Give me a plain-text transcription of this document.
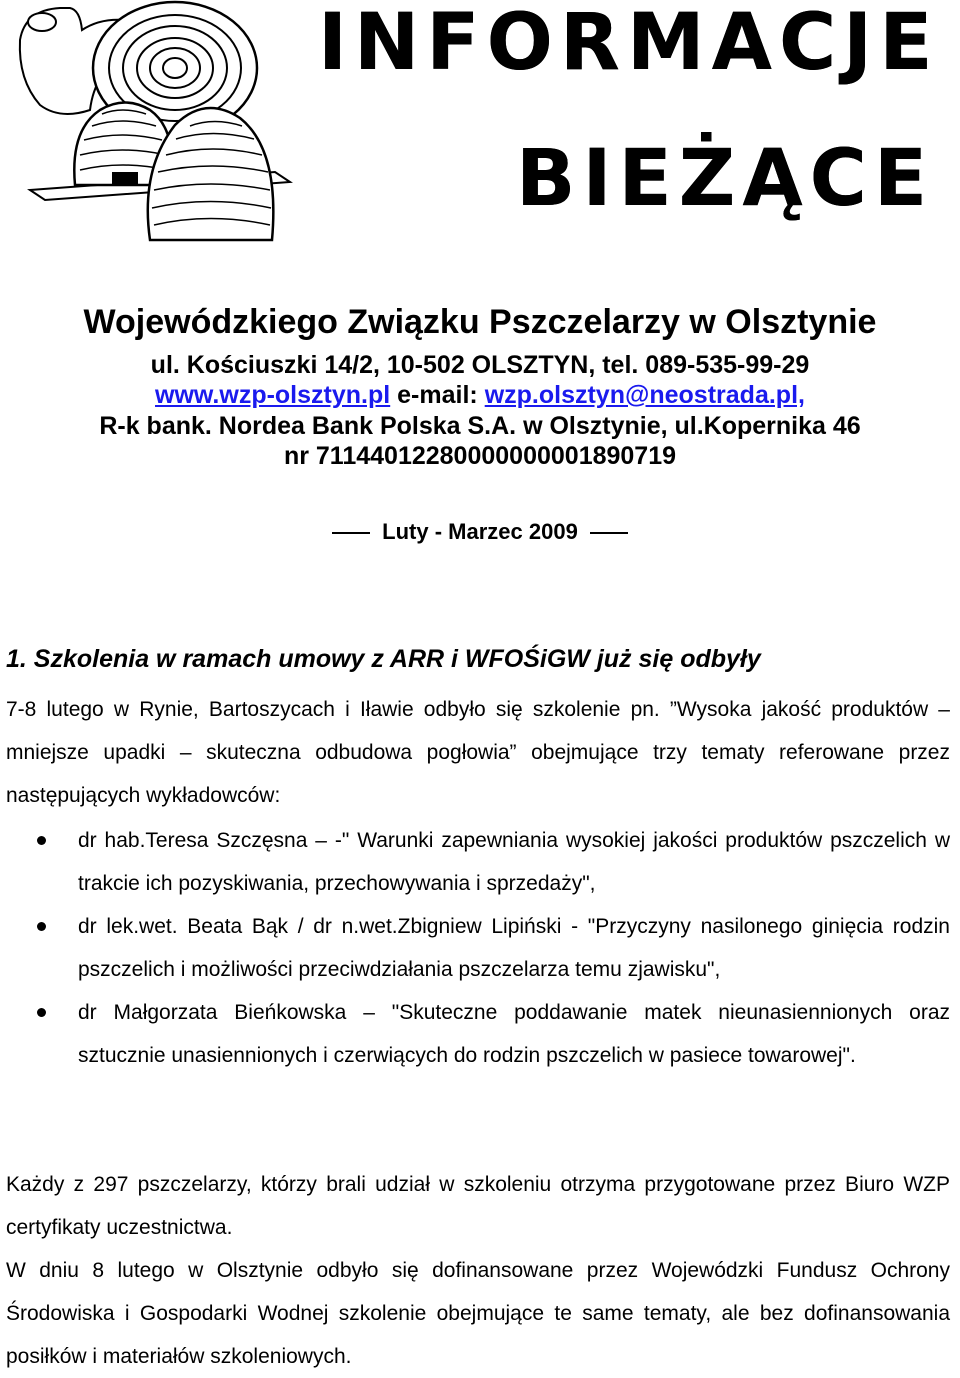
INFORMACJE
BIEŻĄCE
Wojewódzkiego Związku Pszczelarzy w Olsztynie
ul. Kościuszki 14/2, 10-502 OLSZTYN, tel. 089-535-99-29
www.wzp-olsztyn.pl e-mail: wzp.olsztyn@neostrada.pl,
R-k bank. Nordea Bank Polska S.A. w Olsztynie, ul.Kopernika 46
nr 71144012280000000001890719
Luty - Marzec 2009
1. Szkolenia w ramach umowy z ARR i WFOŚiGW już się odbyły
7-8 lutego w Rynie, Bartoszycach i Iławie odbyło się szkolenie pn. ”Wysoka jakość produktów – mniejsze upadki – skuteczna odbudowa pogłowia” obejmujące trzy tematy referowane przez następujących wykładowców:
dr hab.Teresa Szczęsna – -" Warunki zapewniania wysokiej jakości produktów pszczelich w trakcie ich pozyskiwania, przechowywania i sprzedaży",
dr lek.wet. Beata Bąk / dr n.wet.Zbigniew Lipiński - "Przyczyny nasilonego ginięcia rodzin pszczelich i możliwości przeciwdziałania pszczelarza temu zjawisku",
dr Małgorzata Bieńkowska – "Skuteczne poddawanie matek nieunasiennionych oraz sztucznie unasiennionych i czerwiących do rodzin pszczelich w pasiece towarowej".
Każdy z 297 pszczelarzy, którzy brali udział w szkoleniu otrzyma przygotowane przez Biuro WZP certyfikaty uczestnictwa.
W dniu 8 lutego w Olsztynie odbyło się dofinansowane przez Wojewódzki Fundusz Ochrony Środowiska i Gospodarki Wodnej szkolenie obejmujące te same tematy, ale bez dofinansowania posiłków i materiałów szkoleniowych.
